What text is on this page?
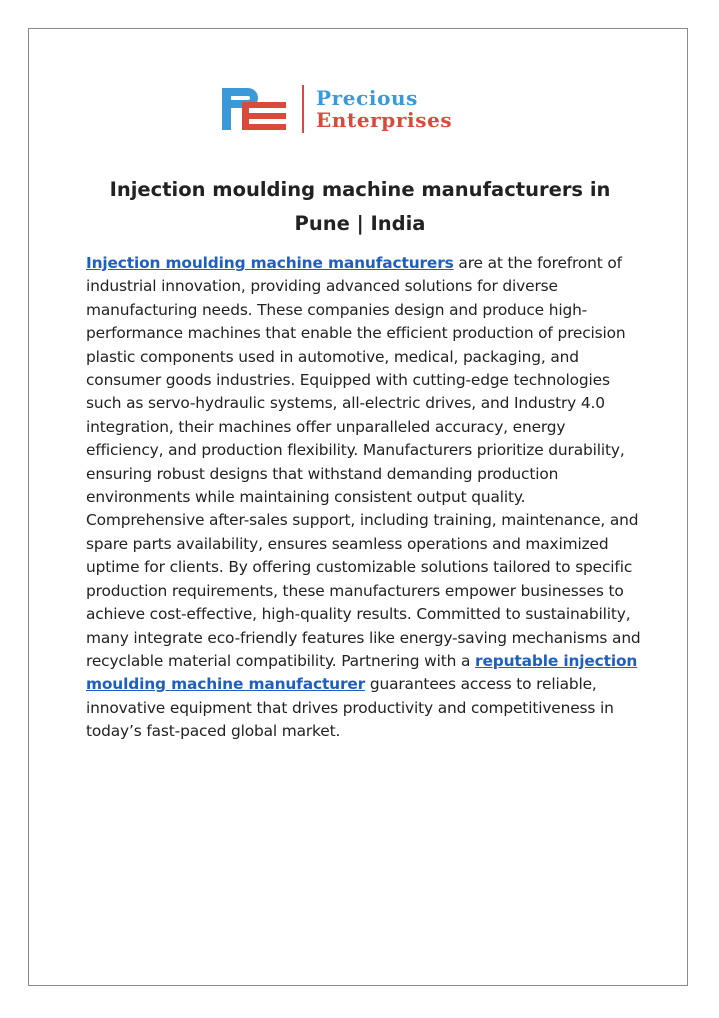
Precious
Enterprises
Injection moulding machine manufacturers in Pune | India

Injection moulding machine manufacturers are at the forefront of industrial innovation, providing advanced solutions for diverse manufacturing needs. These companies design and produce high-performance machines that enable the efficient production of precision plastic components used in automotive, medical, packaging, and consumer goods industries. Equipped with cutting-edge technologies such as servo-hydraulic systems, all-electric drives, and Industry 4.0 integration, their machines offer unparalleled accuracy, energy efficiency, and production flexibility. Manufacturers prioritize durability, ensuring robust designs that withstand demanding production environments while maintaining consistent output quality. Comprehensive after-sales support, including training, maintenance, and spare parts availability, ensures seamless operations and maximized uptime for clients. By offering customizable solutions tailored to specific production requirements, these manufacturers empower businesses to achieve cost-effective, high-quality results. Committed to sustainability, many integrate eco-friendly features like energy-saving mechanisms and recyclable material compatibility. Partnering with a reputable injection moulding machine manufacturer guarantees access to reliable, innovative equipment that drives productivity and competitiveness in today’s fast-paced global market.
